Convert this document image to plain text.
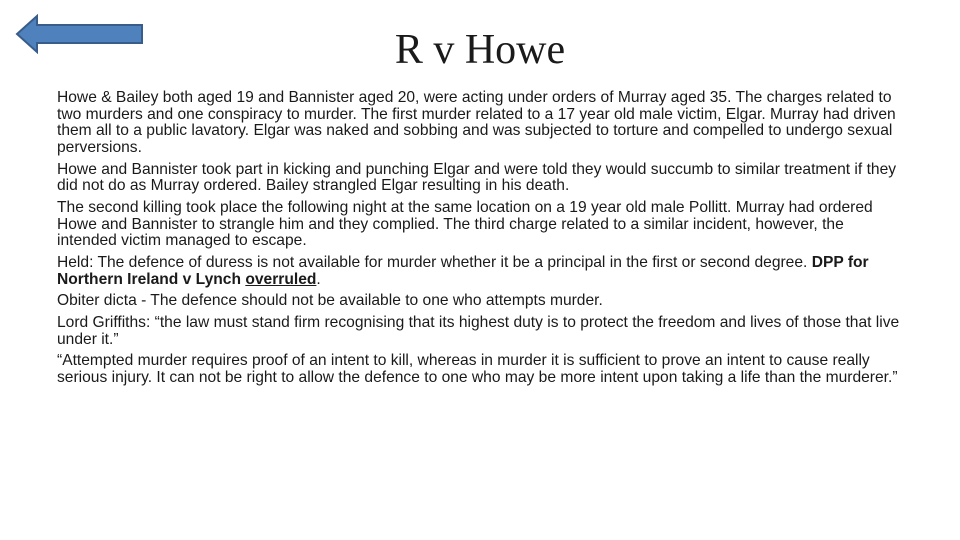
R v Howe

Howe & Bailey both aged 19 and Bannister aged 20, were acting under orders of Murray aged 35. The charges related to two murders and one conspiracy to murder. The first murder related to a 17 year old male victim, Elgar. Murray had driven them all to a public lavatory. Elgar was naked and sobbing and was subjected to torture and compelled to undergo sexual perversions.

Howe and Bannister took part in kicking and punching Elgar and were told they would succumb to similar treatment if they did not do as Murray ordered. Bailey strangled Elgar resulting in his death.

The second killing took place the following night at the same location on a 19 year old male Pollitt. Murray had ordered Howe and Bannister to strangle him and they complied. The third charge related to a similar incident, however, the intended victim managed to escape.

Held: The defence of duress is not available for murder whether it be a principal in the first or second degree. DPP for Northern Ireland v Lynch overruled.

Obiter dicta - The defence should not be available to one who attempts murder.

Lord Griffiths: “the law must stand firm recognising that its highest duty is to protect the freedom and lives of those that live under it.”

“Attempted murder requires proof of an intent to kill, whereas in murder it is sufficient to prove an intent to cause really serious injury. It can not be right to allow the defence to one who may be more intent upon taking a life than the murderer.”
